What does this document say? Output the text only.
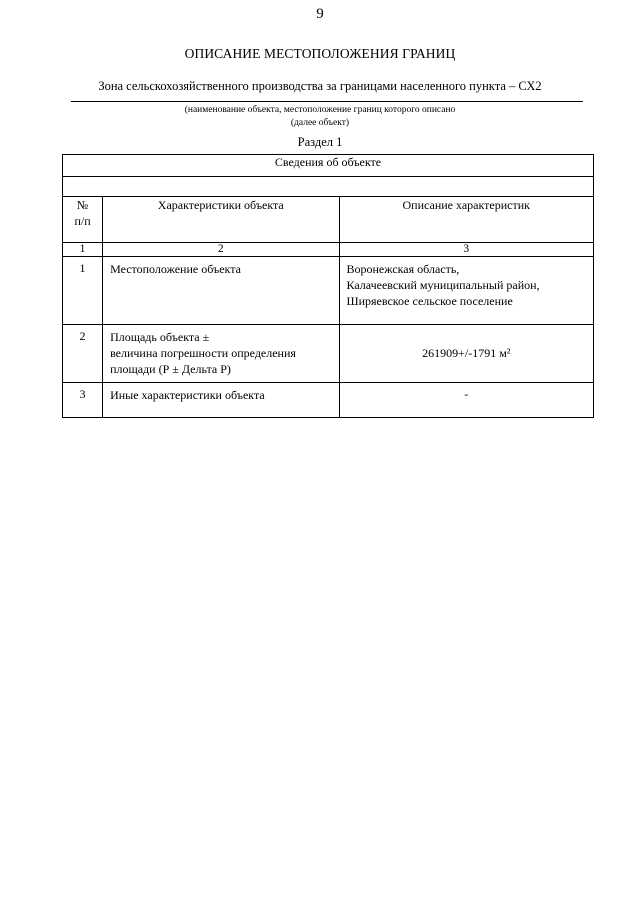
9
ОПИСАНИЕ МЕСТОПОЛОЖЕНИЯ ГРАНИЦ
Зона сельскохозяйственного производства за границами населенного пункта – СХ2
(наименование объекта, местоположение границ которого описано
(далее объект)
Раздел 1
Сведения об объекте		

№
п/п	Характеристики объекта	Описание характеристик
1	2	3
1	Местоположение объекта	Воронежская область,
Калачеевский муниципальный район,
Ширяевское сельское поселение

2	Площадь объекта ±
величина погрешности определения
площади (Р ± Дельта Р)	261909+/-1791 м²
3	Иные характеристики объекта	-
